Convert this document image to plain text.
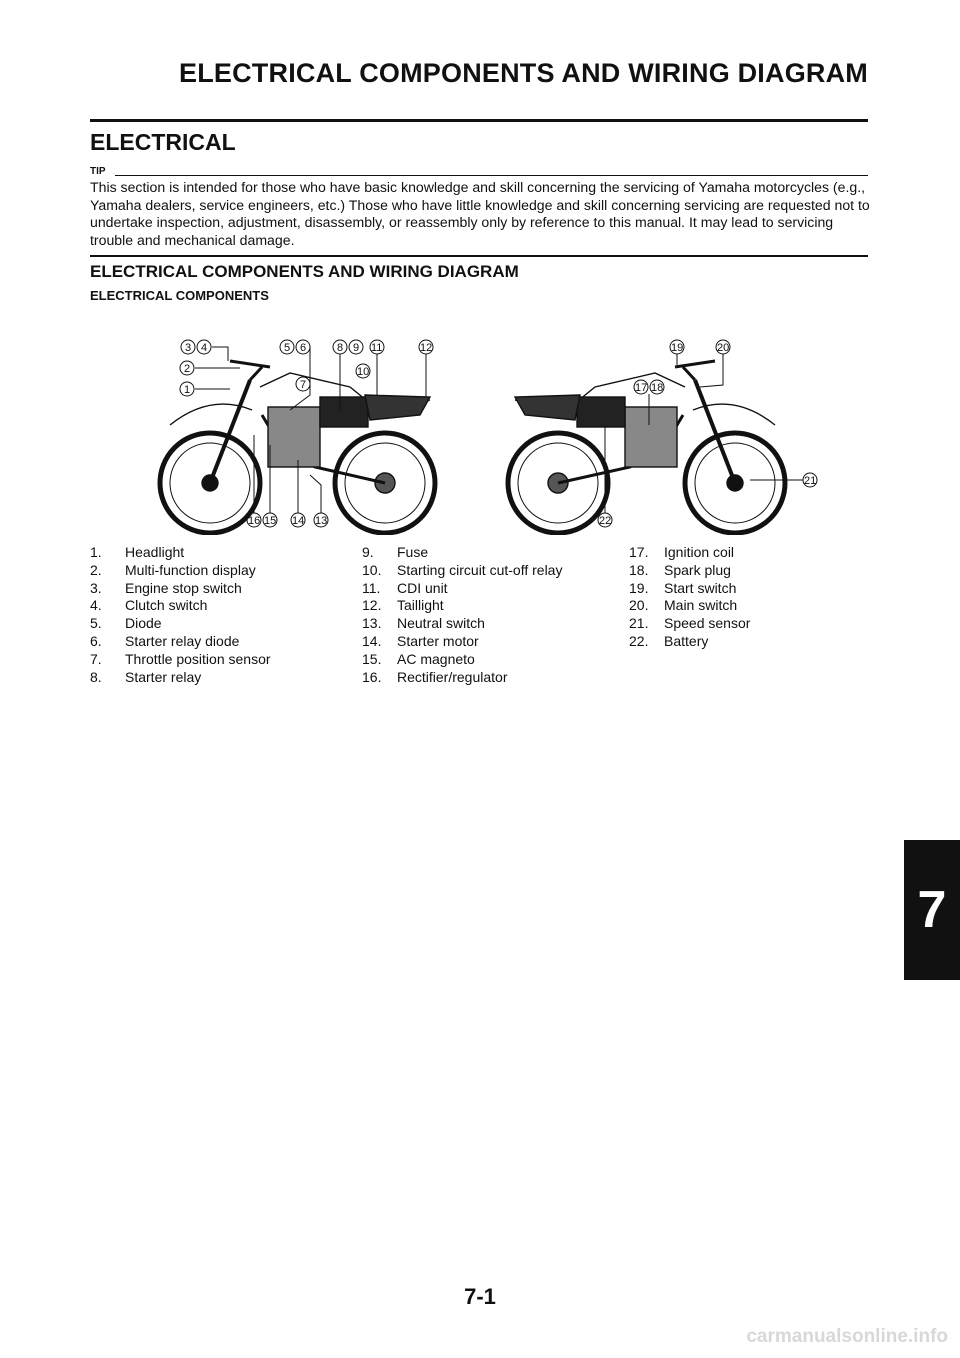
ELECTRICAL COMPONENTS AND WIRING DIAGRAM
ELECTRICAL
TIP
This section is intended for those who have basic knowledge and skill concerning the servicing of Yamaha motorcycles (e.g., Yamaha dealers, service engineers, etc.) Those who have little knowledge and skill concerning servicing are requested not to undertake inspection, adjustment, disassembly, or reassembly only by reference to this manual. It may lead to servicing trouble and mechanical damage.
ELECTRICAL COMPONENTS AND WIRING DIAGRAM
ELECTRICAL COMPONENTS
3 4
2
1
5 6
7
8 9 11
10
12
16 15 14 13
19	20
17 18
21
22
1. Headlight
2. Multi-function display
3. Engine stop switch
4. Clutch switch
5. Diode
6. Starter relay diode
7. Throttle position sensor
8. Starter relay
9. Fuse
10. Starting circuit cut-off relay
11. CDI unit
12. Taillight
13. Neutral switch
14. Starter motor
15. AC magneto
16. Rectifier/regulator
17. Ignition coil
18. Spark plug
19. Start switch
20. Main switch
21. Speed sensor
22. Battery
7
7-1
carmanualsonline.info
